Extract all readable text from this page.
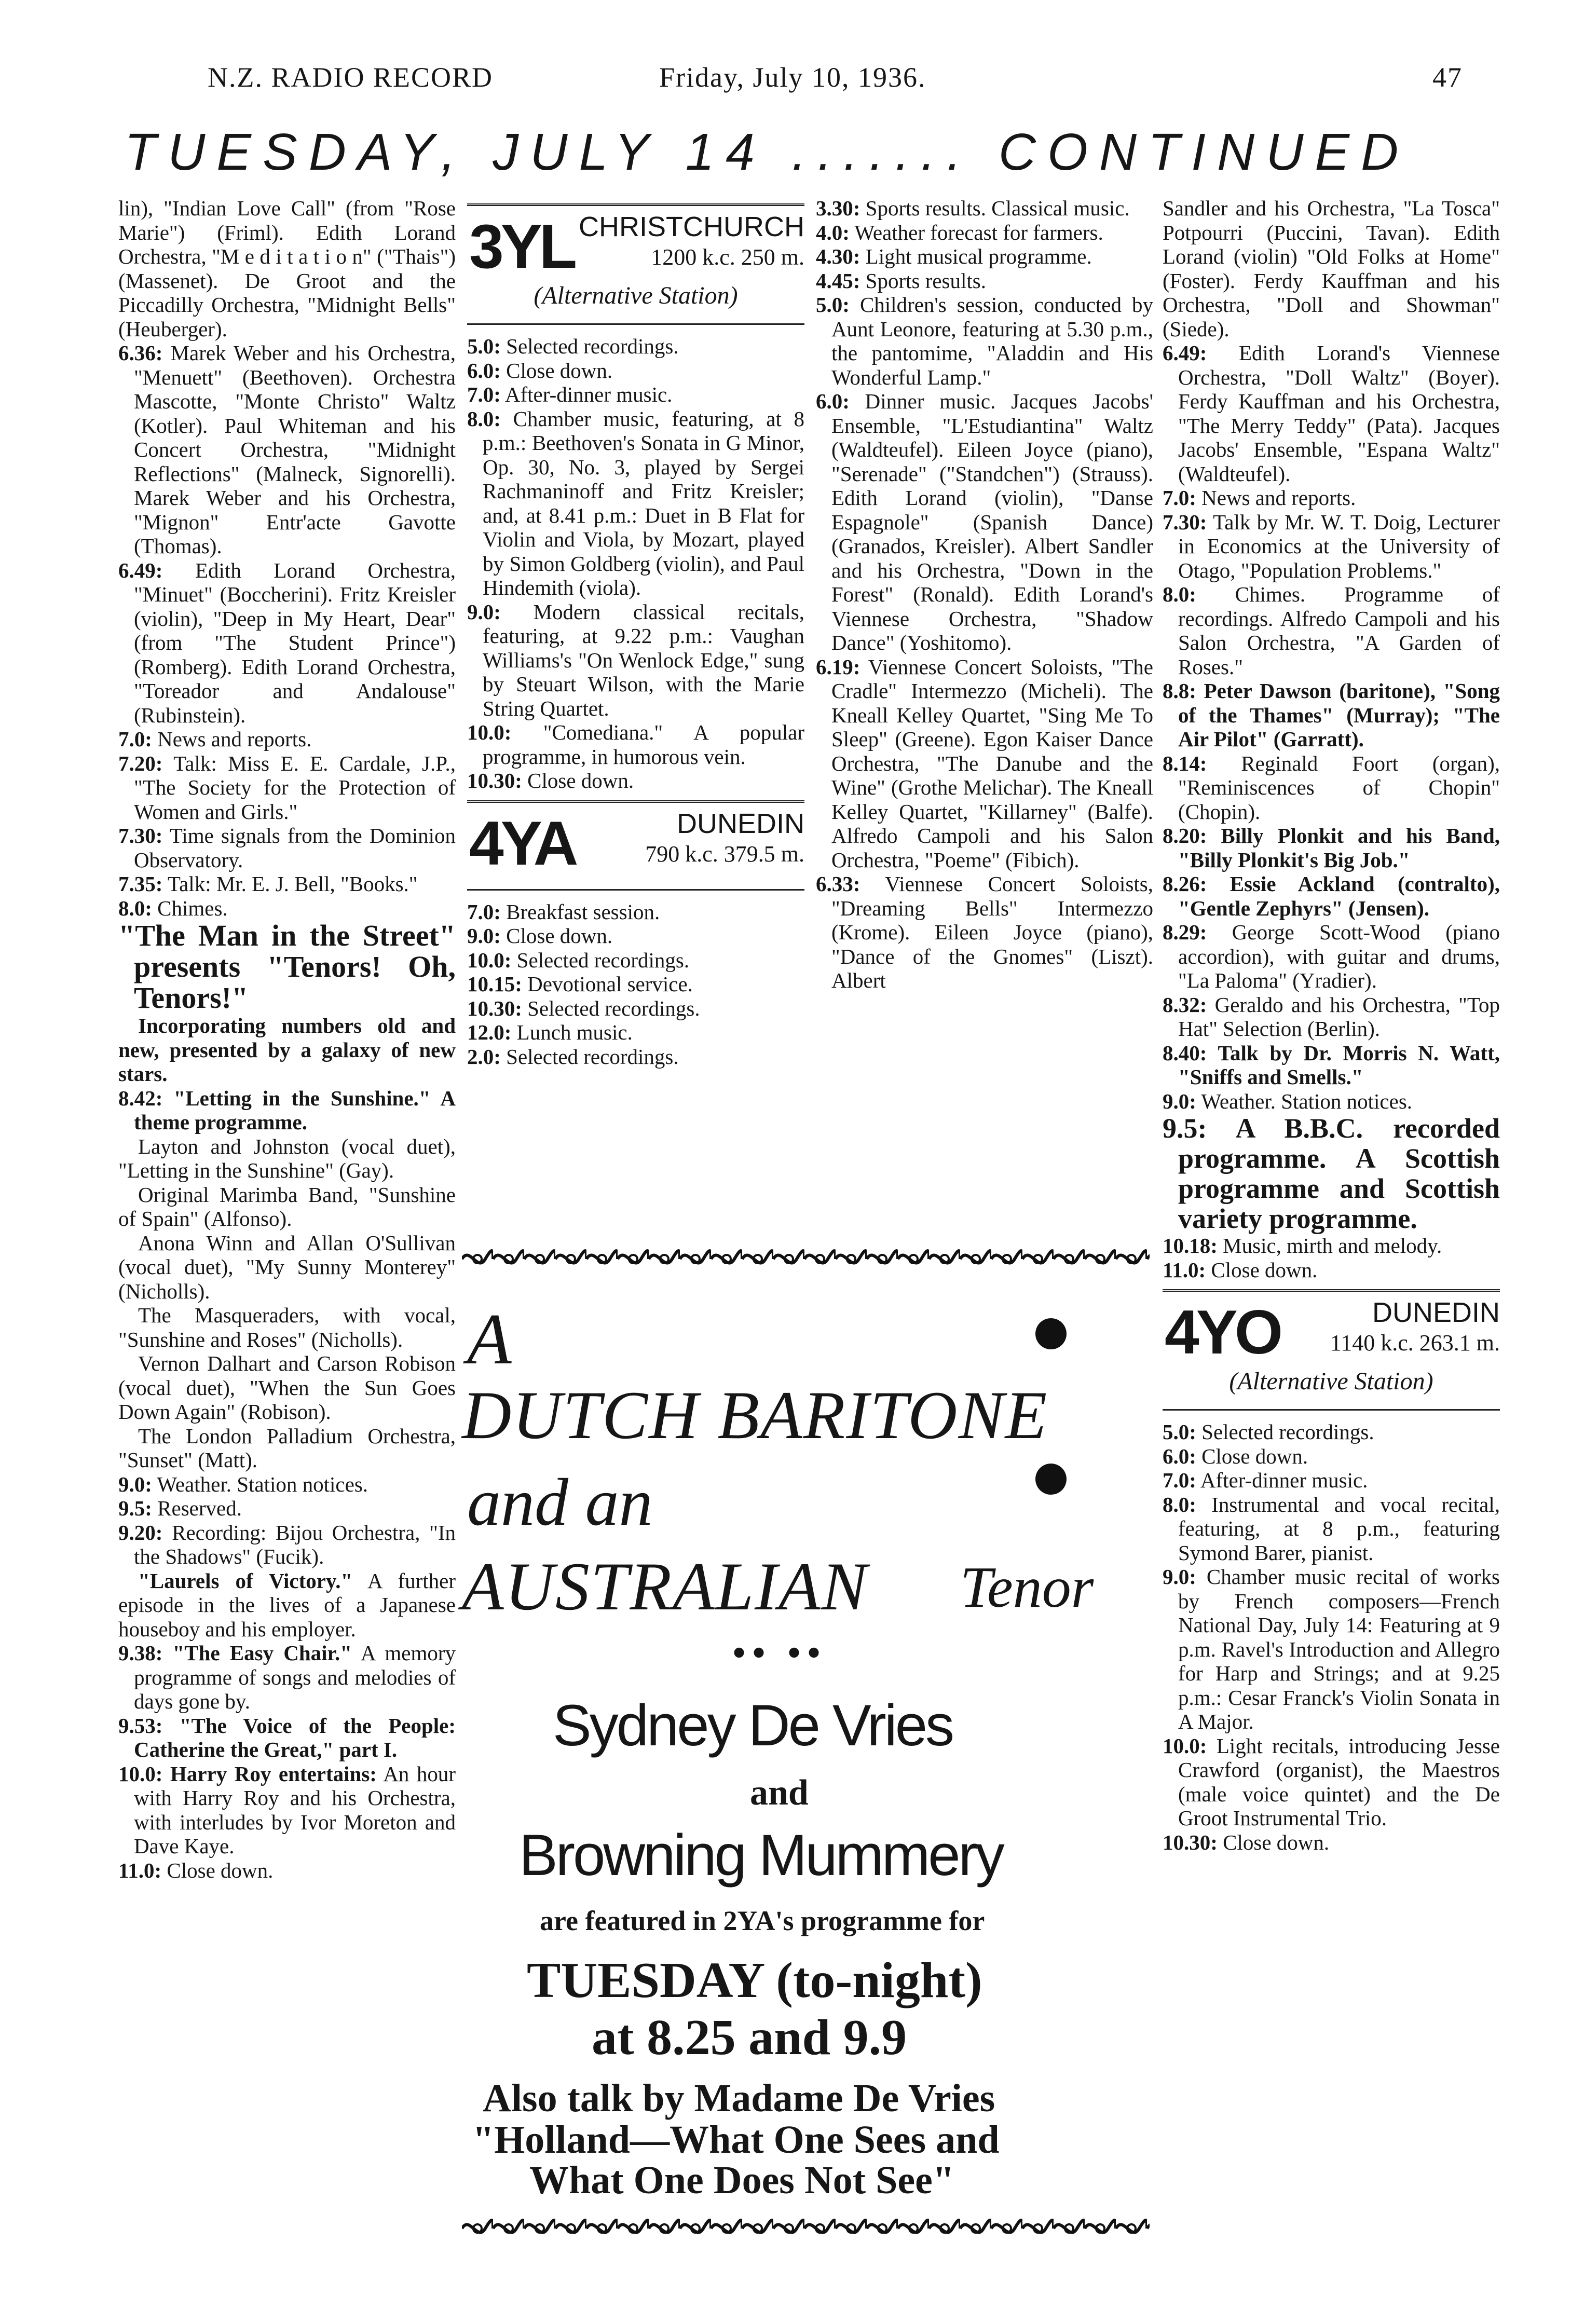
N.Z. RADIO RECORD	Friday, July 10, 1936.	47
TUESDAY, JULY 14 ....... CONTINUED

lin), "Indian Love Call" (from "Rose Marie") (Friml). Edith Lorand Orchestra, "M e d i t a t i o n" ("Thais") (Massenet). De Groot and the Piccadilly Orchestra, "Midnight Bells" (Heuberger).

6.36: Marek Weber and his Orchestra, "Menuett" (Beethoven). Orchestra Mascotte, "Monte Christo" Waltz (Kotler). Paul Whiteman and his Concert Orchestra, "Midnight Reflections" (Malneck, Signorelli). Marek Weber and his Orchestra, "Mignon" Entr'acte Gavotte (Thomas).

6.49: Edith Lorand Orchestra, "Minuet" (Boccherini). Fritz Kreisler (violin), "Deep in My Heart, Dear" (from "The Student Prince") (Romberg). Edith Lorand Orchestra, "Toreador and Andalouse" (Rubinstein).

7.0: News and reports.

7.20: Talk: Miss E. E. Cardale, J.P., "The Society for the Protection of Women and Girls."

7.30: Time signals from the Dominion Observatory.

7.35: Talk: Mr. E. J. Bell, "Books."

8.0: Chimes.

"The Man in the Street" presents "Tenors! Oh, Tenors!"

Incorporating numbers old and new, presented by a galaxy of new stars.

8.42: "Letting in the Sunshine." A theme programme.

Layton and Johnston (vocal duet), "Letting in the Sunshine" (Gay).

Original Marimba Band, "Sunshine of Spain" (Alfonso).

Anona Winn and Allan O'Sullivan (vocal duet), "My Sunny Monterey" (Nicholls).

The Masqueraders, with vocal, "Sunshine and Roses" (Nicholls).

Vernon Dalhart and Carson Robison (vocal duet), "When the Sun Goes Down Again" (Robison).

The London Palladium Orchestra, "Sunset" (Matt).

9.0: Weather. Station notices.

9.5: Reserved.

9.20: Recording: Bijou Orchestra, "In the Shadows" (Fucik).

"Laurels of Victory." A further episode in the lives of a Japanese houseboy and his employer.

9.38: "The Easy Chair." A memory programme of songs and melodies of days gone by.

9.53: "The Voice of the People: Catherine the Great," part I.

10.0: Harry Roy entertains: An hour with Harry Roy and his Orchestra, with interludes by Ivor Moreton and Dave Kaye.

11.0: Close down.

3YL CHRISTCHURCH
1200 k.c. 250 m.
(Alternative Station)

5.0: Selected recordings.

6.0: Close down.

7.0: After-dinner music.

8.0: Chamber music, featuring, at 8 p.m.: Beethoven's Sonata in G Minor, Op. 30, No. 3, played by Sergei Rachmaninoff and Fritz Kreisler; and, at 8.41 p.m.: Duet in B Flat for Violin and Viola, by Mozart, played by Simon Goldberg (violin), and Paul Hindemith (viola).

9.0: Modern classical recitals, featuring, at 9.22 p.m.: Vaughan Williams's "On Wenlock Edge," sung by Steuart Wilson, with the Marie String Quartet.

10.0: "Comediana." A popular programme, in humorous vein.

10.30: Close down.

4YA	DUNEDIN
790 k.c. 379.5 m.

7.0: Breakfast session.

9.0: Close down.

10.0: Selected recordings.

10.15: Devotional service.

10.30: Selected recordings.

12.0: Lunch music.

2.0: Selected recordings.

3.30: Sports results. Classical music.

4.0: Weather forecast for farmers.

4.30: Light musical programme.

4.45: Sports results.

5.0: Children's session, conducted by Aunt Leonore, featuring at 5.30 p.m., the pantomime, "Aladdin and His Wonderful Lamp."

6.0: Dinner music. Jacques Jacobs' Ensemble, "L'Estudiantina" Waltz (Waldteufel). Eileen Joyce (piano), "Serenade" ("Standchen") (Strauss). Edith Lorand (violin), "Danse Espagnole" (Spanish Dance) (Granados, Kreisler). Albert Sandler and his Orchestra, "Down in the Forest" (Ronald). Edith Lorand's Viennese Orchestra, "Shadow Dance" (Yoshitomo).

6.19: Viennese Concert Soloists, "The Cradle" Intermezzo (Micheli). The Kneall Kelley Quartet, "Sing Me To Sleep" (Greene). Egon Kaiser Dance Orchestra, "The Danube and the Wine" (Grothe Melichar). The Kneall Kelley Quartet, "Killarney" (Balfe). Alfredo Campoli and his Salon Orchestra, "Poeme" (Fibich).

6.33: Viennese Concert Soloists, "Dreaming Bells" Intermezzo (Krome). Eileen Joyce (piano), "Dance of the Gnomes" (Liszt). Albert

Sandler and his Orchestra, "La Tosca" Potpourri (Puccini, Tavan). Edith Lorand (violin) "Old Folks at Home" (Foster). Ferdy Kauffman and his Orchestra, "Doll and Showman" (Siede).

6.49: Edith Lorand's Viennese Orchestra, "Doll Waltz" (Boyer). Ferdy Kauffman and his Orchestra, "The Merry Teddy" (Pata). Jacques Jacobs' Ensemble, "Espana Waltz" (Waldteufel).

7.0: News and reports.

7.30: Talk by Mr. W. T. Doig, Lecturer in Economics at the University of Otago, "Population Problems."

8.0: Chimes. Programme of recordings. Alfredo Campoli and his Salon Orchestra, "A Garden of Roses."

8.8: Peter Dawson (baritone), "Song of the Thames" (Murray); "The Air Pilot" (Garratt).

8.14: Reginald Foort (organ), "Reminiscences of Chopin" (Chopin).

8.20: Billy Plonkit and his Band, "Billy Plonkit's Big Job."

8.26: Essie Ackland (contralto), "Gentle Zephyrs" (Jensen).

8.29: George Scott-Wood (piano accordion), with guitar and drums, "La Paloma" (Yradier).

8.32: Geraldo and his Orchestra, "Top Hat" Selection (Berlin).

8.40: Talk by Dr. Morris N. Watt, "Sniffs and Smells."

9.0: Weather. Station notices.

9.5: A B.B.C. recorded programme. A Scottish programme and Scottish variety programme.

10.18: Music, mirth and melody.

11.0: Close down.

4YO	DUNEDIN
1140 k.c. 263.1 m.
(Alternative Station)

5.0: Selected recordings.

6.0: Close down.

7.0: After-dinner music.

8.0: Instrumental and vocal recital, featuring, at 8 p.m., featuring Symond Barer, pianist.

9.0: Chamber music recital of works by French composers—French National Day, July 14: Featuring at 9 p.m. Ravel's Introduction and Allegro for Harp and Strings; and at 9.25 p.m.: Cesar Franck's Violin Sonata in A Major.

10.0: Light recitals, introducing Jesse Crawford (organist), the Maestros (male voice quintet) and the De Groot Instrumental Trio.

10.30: Close down.

A
DUTCH BARITONE
and an
AUSTRALIAN Tenor
•• ••
Sydney De Vries
and
Browning Mummery
are featured in 2YA's programme for
TUESDAY (to-night)
at 8.25 and 9.9
Also talk by Madame De Vries
"Holland—What One Sees and
What One Does Not See"
